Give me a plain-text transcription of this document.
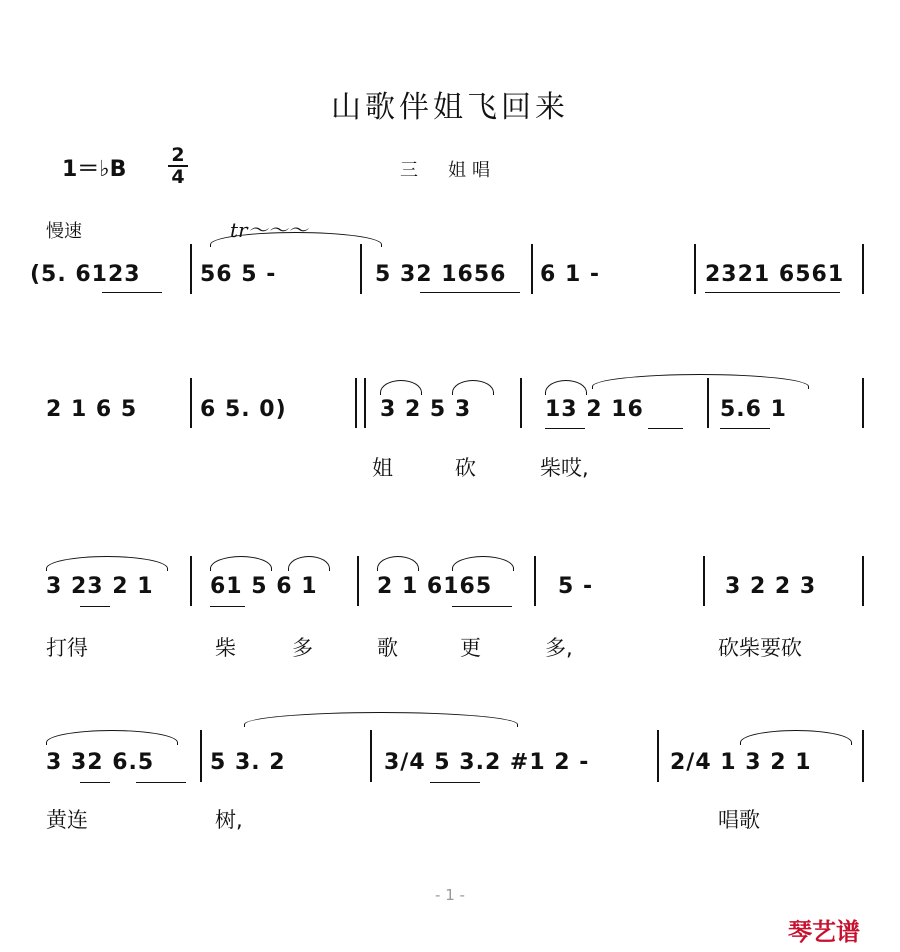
山歌伴姐飞回来
1＝♭B
2
4	三　姐唱
慢速	tr～～～
(5. 6123	56 5 -	5 32 1656 6 1 -	2321 6561
2 1 6 5	6 5. 0)	3 2 5 3	13 2 16	5.6 1
姐	砍	柴哎,
3 23 2 1	61 5 6 1	2 1 6165	5 -	3 2 2 3
打得	柴	多	歌	更	多,	砍柴要砍
3 32 6.5	5 3. 2	3/4 5 3.2 #1 2 -	2/4 1 3 2 1
黄连	树,	唱歌
- 1 -
琴艺谱
